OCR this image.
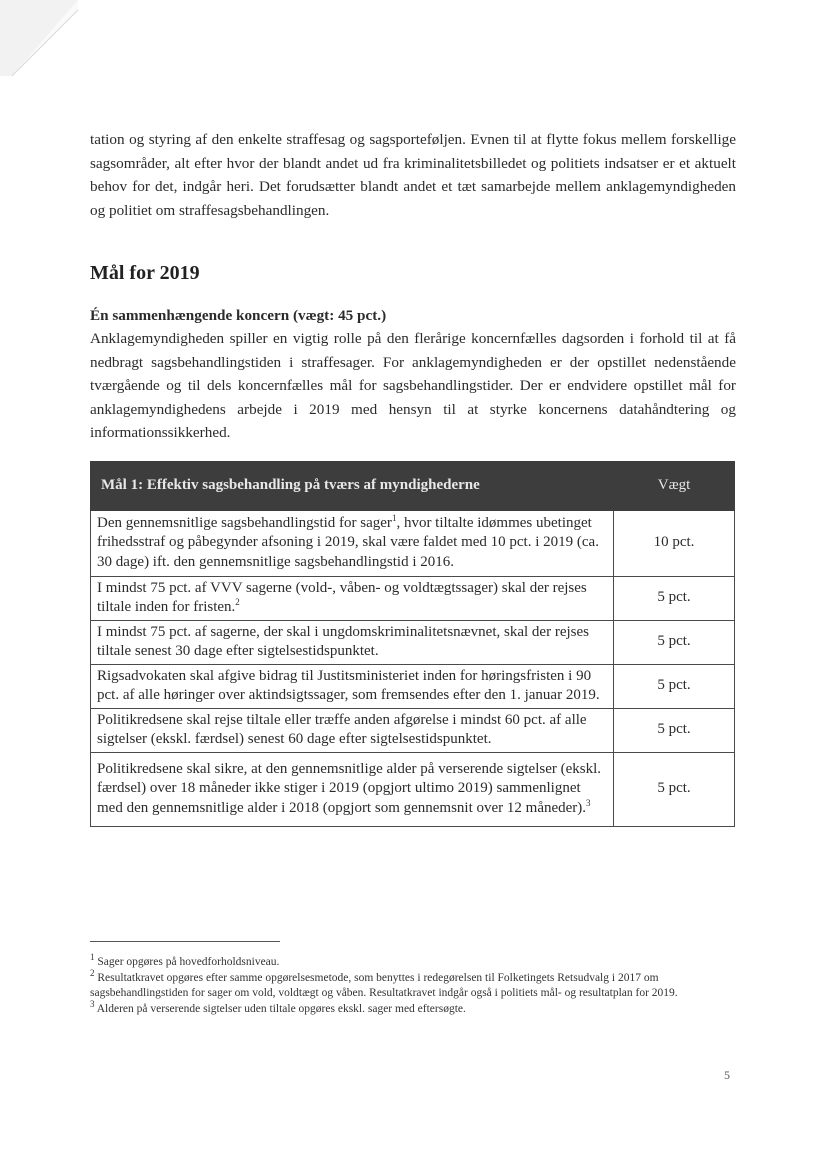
tation og styring af den enkelte straffesag og sagsporteføljen. Evnen til at flytte fokus mellem forskellige sagsområder, alt efter hvor der blandt andet ud fra kriminalitetsbilledet og politiets indsatser er et aktuelt behov for det, indgår heri. Det forudsætter blandt andet et tæt samarbejde mellem anklagemyndigheden og politiet om straffesagsbehandlingen.

Mål for 2019

Én sammenhængende koncern (vægt: 45 pct.)

Anklagemyndigheden spiller en vigtig rolle på den flerårige koncernfælles dagsorden i forhold til at få nedbragt sagsbehandlingstiden i straffesager. For anklagemyndigheden er der opstillet nedenstående tværgående og til dels koncernfælles mål for sagsbehandlingstider. Der er endvidere opstillet mål for anklagemyndighedens arbejde i 2019 med hensyn til at styrke koncernens datahåndtering og informationssikkerhed.

Mål 1: Effektiv sagsbehandling på tværs af myndighederne	Vægt
Den gennemsnitlige sagsbehandlingstid for sager$^1$, hvor tiltalte idømmes ubetinget frihedsstraf og påbegynder afsoning i 2019, skal være faldet med 10 pct. i 2019 (ca. 30 dage) ift. den gennemsnitlige sagsbehandlingstid i 2016.	10 pct.
I mindst 75 pct. af VVV sagerne (vold-, våben- og voldtægtssager) skal der rejses tiltale inden for fristen.$^2$	5 pct.
I mindst 75 pct. af sagerne, der skal i ungdomskriminalitetsnævnet, skal der rejses tiltale senest 30 dage efter sigtelsestidspunktet.	5 pct.
Rigsadvokaten skal afgive bidrag til Justitsministeriet inden for høringsfristen i 90 pct. af alle høringer over aktindsigtssager, som fremsendes efter den 1. januar 2019.	5 pct.
Politikredsene skal rejse tiltale eller træffe anden afgørelse i mindst 60 pct. af alle sigtelser (ekskl. færdsel) senest 60 dage efter sigtelsestidspunktet.	5 pct.
Politikredsene skal sikre, at den gennemsnitlige alder på verserende sigtelser (ekskl. færdsel) over 18 måneder ikke stiger i 2019 (opgjort ultimo 2019) sammenlignet med den gennemsnitlige alder i 2018 (opgjort som gennemsnit over 12 måneder).$^3$	5 pct.

$^1$ Sager opgøres på hovedforholdsniveau.

$^2$ Resultatkravet opgøres efter samme opgørelsesmetode, som benyttes i redegørelsen til Folketingets Retsudvalg i 2017 om sagsbehandlingstiden for sager om vold, voldtægt og våben. Resultatkravet indgår også i politiets mål- og resultatplan for 2019.

$^3$ Alderen på verserende sigtelser uden tiltale opgøres ekskl. sager med eftersøgte.

5
